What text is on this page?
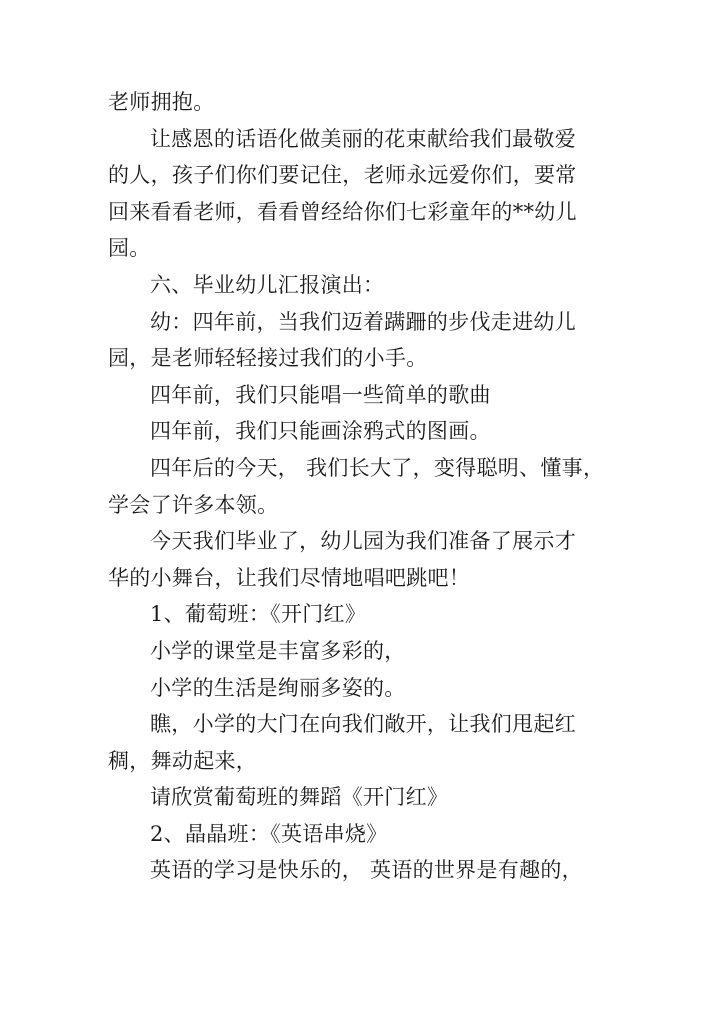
老师拥抱。
让感恩的话语化做美丽的花束献给我们最敬爱
的人，孩子们你们要记住，老师永远爱你们，要常
回来看看老师，看看曾经给你们七彩童年的**幼儿
园。
六、毕业幼儿汇报演出：
幼：四年前，当我们迈着蹒跚的步伐走进幼儿
园，是老师轻轻接过我们的小手。
四年前，我们只能唱一些简单的歌曲
四年前，我们只能画涂鸦式的图画。
四年后的今天， 我们长大了，变得聪明、懂事，
学会了许多本领。
今天我们毕业了，幼儿园为我们准备了展示才
华的小舞台，让我们尽情地唱吧跳吧！
1、葡萄班：《开门红》
小学的课堂是丰富多彩的，
小学的生活是绚丽多姿的。
瞧，小学的大门在向我们敞开，让我们甩起红
稠，舞动起来，
请欣赏葡萄班的舞蹈《开门红》
2、晶晶班：《英语串烧》
英语的学习是快乐的， 英语的世界是有趣的，
